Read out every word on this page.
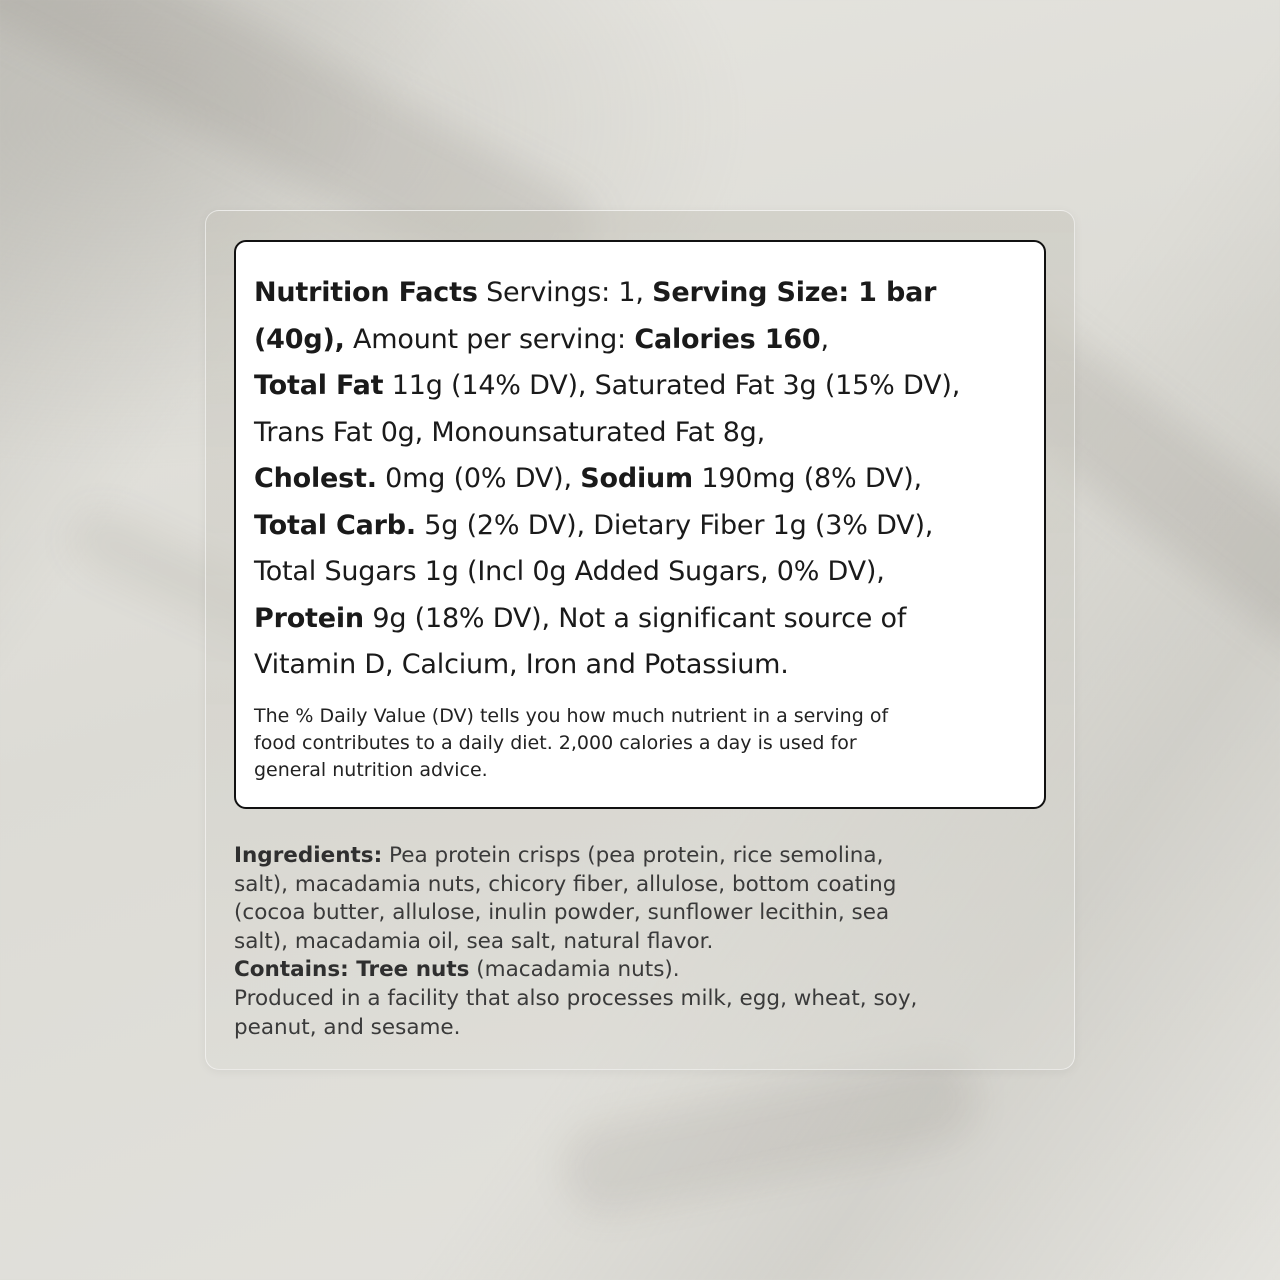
Nutrition Facts Servings: 1, Serving Size: 1 bar
(40g), Amount per serving: Calories 160,
Total Fat 11g (14% DV), Saturated Fat 3g (15% DV),
Trans Fat 0g, Monounsaturated Fat 8g,
Cholest. 0mg (0% DV), Sodium 190mg (8% DV),
Total Carb. 5g (2% DV), Dietary Fiber 1g (3% DV),
Total Sugars 1g (Incl 0g Added Sugars, 0% DV),
Protein 9g (18% DV), Not a significant source of
Vitamin D, Calcium, Iron and Potassium.
The % Daily Value (DV) tells you how much nutrient in a serving of
food contributes to a daily diet. 2,000 calories a day is used for
general nutrition advice.
Ingredients: Pea protein crisps (pea protein, rice semolina,
salt), macadamia nuts, chicory fiber, allulose, bottom coating
(cocoa butter, allulose, inulin powder, sunflower lecithin, sea
salt), macadamia oil, sea salt, natural flavor.
Contains: Tree nuts (macadamia nuts).
Produced in a facility that also processes milk, egg, wheat, soy,
peanut, and sesame.
